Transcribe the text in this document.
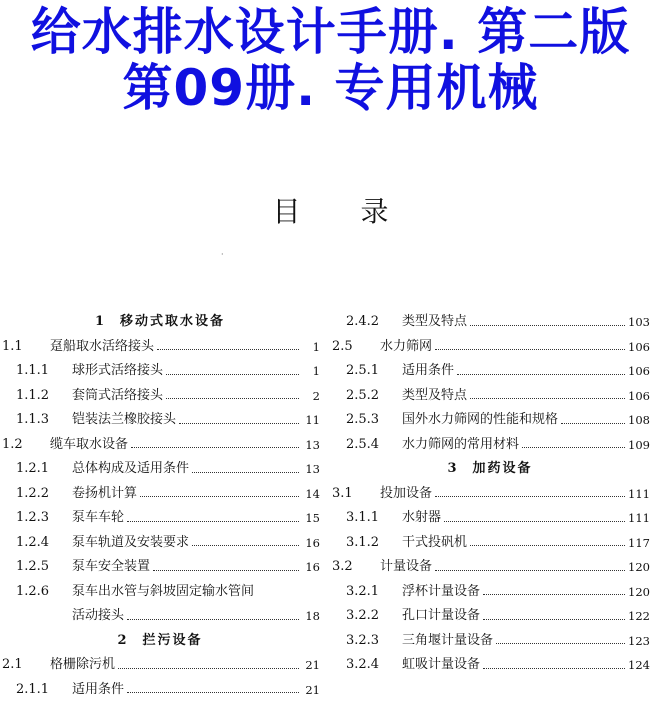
给水排水设计手册. 第二版
第09册. 专用机械
目录
·
1 移动式取水设备
1.1	趸船取水活络接头	1
1.1.1	球形式活络接头	1
1.1.2	套筒式活络接头	2
1.1.3	铠装法兰橡胶接头	11
1.2	缆车取水设备	13
1.2.1	总体构成及适用条件	13
1.2.2	卷扬机计算	14
1.2.3	泵车车轮	15
1.2.4	泵车轨道及安装要求	16
1.2.5	泵车安全装置	16
1.2.6	泵车出水管与斜坡固定输水管间
活动接头	18
2 拦污设备
2.1	格栅除污机	21
2.1.1	适用条件	21
2.4.2	类型及特点	103
2.5	水力筛网	106
2.5.1	适用条件	106
2.5.2	类型及特点	106
2.5.3	国外水力筛网的性能和规格	108
2.5.4	水力筛网的常用材料	109
3 加药设备
3.1	投加设备	111
3.1.1	水射器	111
3.1.2	干式投矾机	117
3.2	计量设备	120
3.2.1	浮杯计量设备	120
3.2.2	孔口计量设备	122
3.2.3	三角堰计量设备	123
3.2.4	虹吸计量设备	124
